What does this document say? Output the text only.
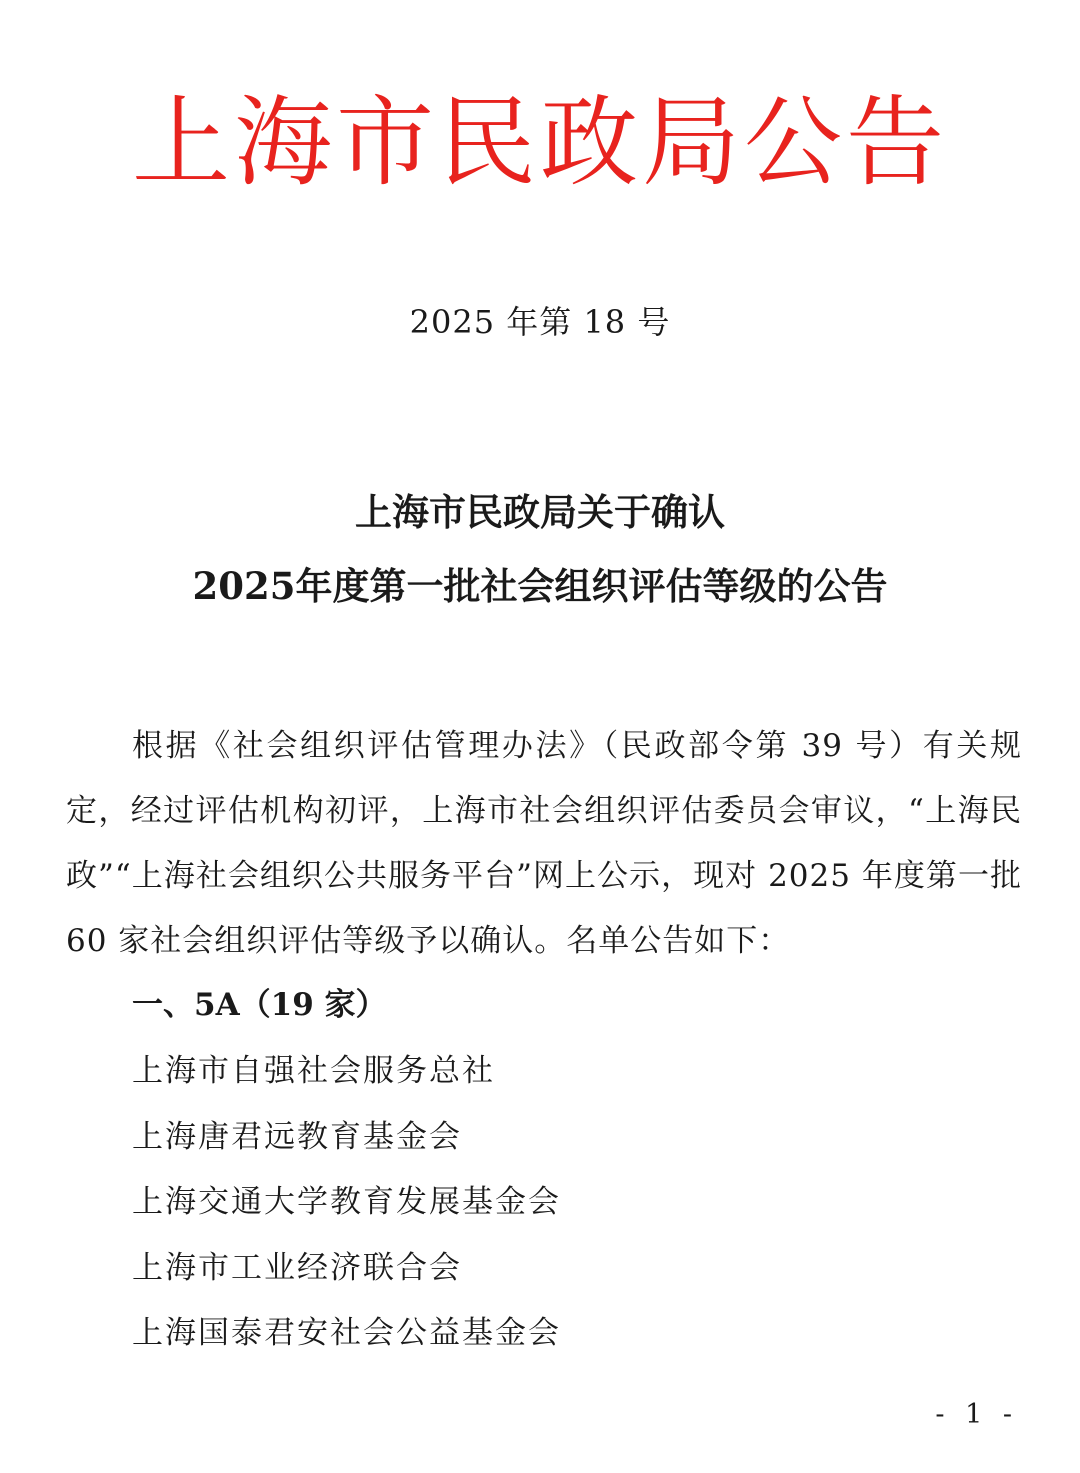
上海市民政局公告
2025 年第 18 号
上海市民政局关于确认
2025年度第一批社会组织评估等级的公告

根据《社会组织评估管理办法》（民政部令第 39 号）有关规定，经过评估机构初评，上海市社会组织评估委员会审议，“上海民政”“上海社会组织公共服务平台”网上公示，现对 2025 年度第一批 60 家社会组织评估等级予以确认。名单公告如下：

一、5A（19 家）
上海市自强社会服务总社
上海唐君远教育基金会
上海交通大学教育发展基金会
上海市工业经济联合会
上海国泰君安社会公益基金会
- 1 -
